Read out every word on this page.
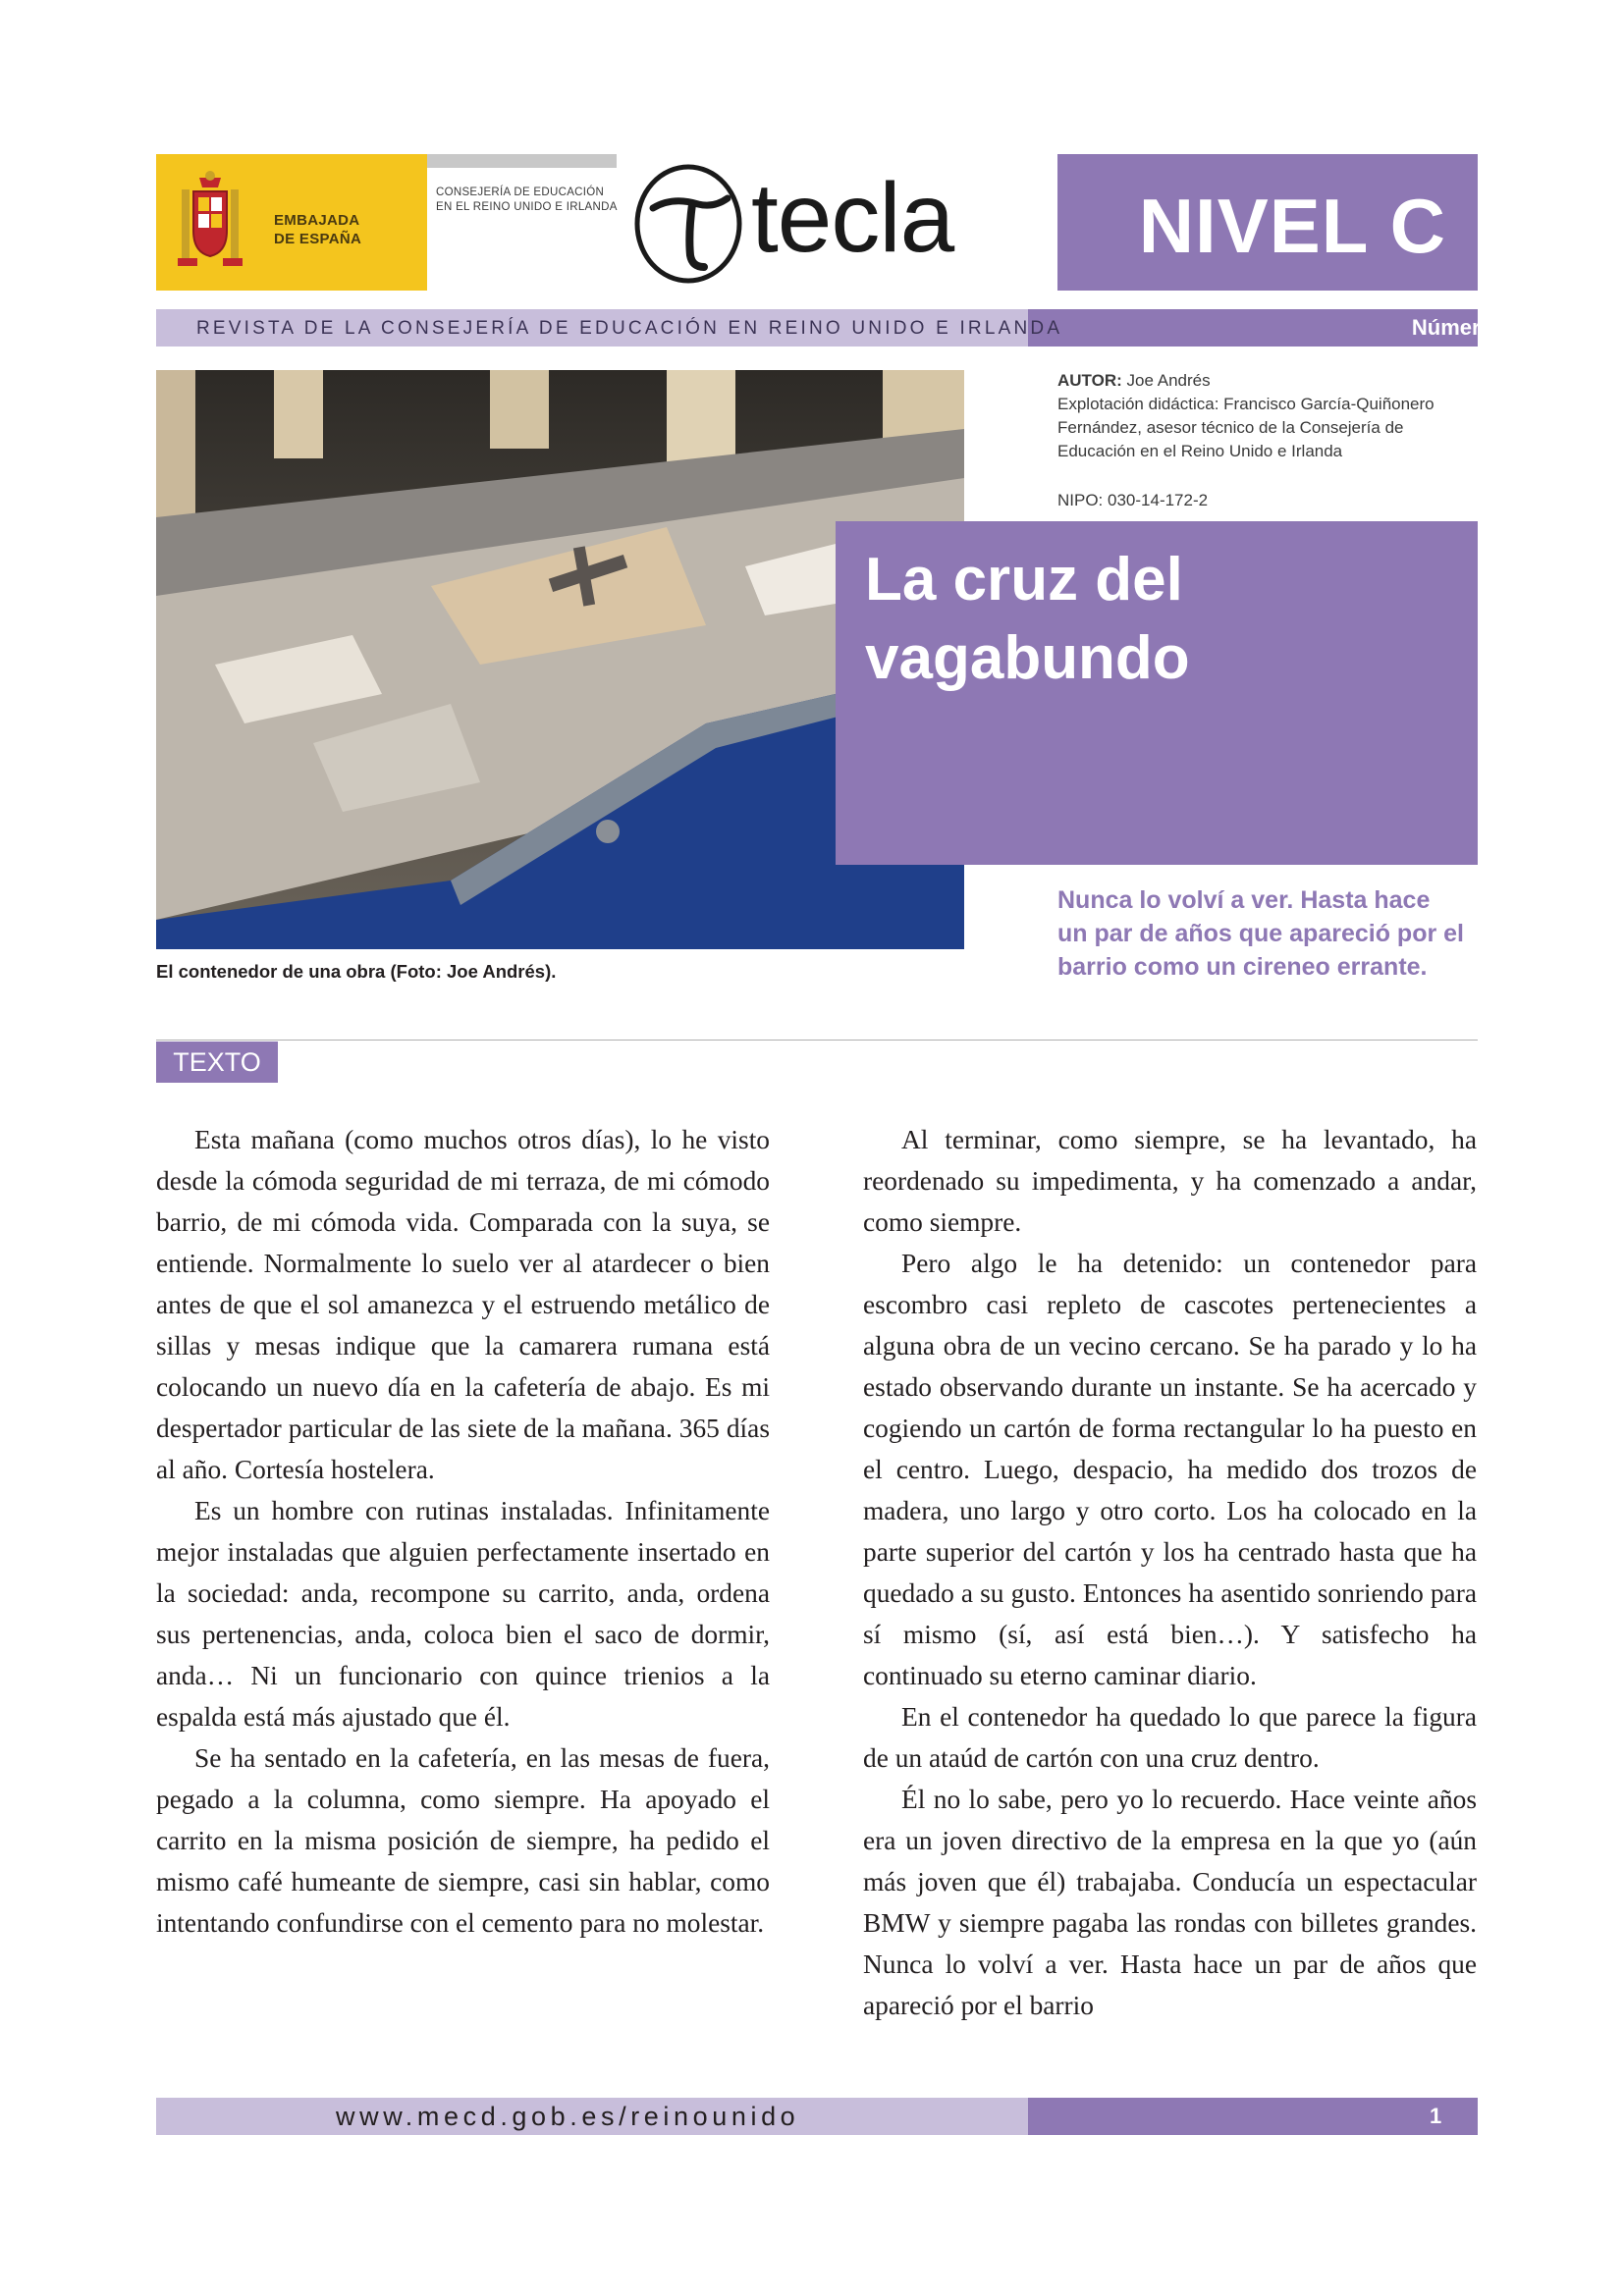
EMBAJADA
DE ESPAÑA
CONSEJERÍA DE EDUCACIÓN
EN EL REINO UNIDO E IRLANDA tecla NIVEL C
REVISTA DE LA CONSEJERÍA DE EDUCACIÓN EN REINO UNIDO E IRLANDA	Número: 3 / 2014
El contenedor de una obra (Foto: Joe Andrés).
AUTOR: Joe Andrés
Explotación didáctica: Francisco García-Quiñonero
Fernández, asesor técnico de la Consejería de
Educación en el Reino Unido e Irlanda
NIPO: 030-14-172-2
La cruz del
vagabundo
Nunca lo volví a ver. Hasta hace
un par de años que apareció por el
barrio como un cireneo errante.
TEXTO

Esta mañana (como muchos otros días), lo he visto desde la cómoda seguridad de mi terraza, de mi cómodo barrio, de mi cómoda vida. Comparada con la suya, se entiende. Normalmente lo suelo ver al atardecer o bien antes de que el sol amanezca y el estruendo metálico de sillas y mesas indique que la camarera rumana está colocando un nuevo día en la cafetería de abajo. Es mi despertador particular de las siete de la mañana. 365 días al año. Cortesía hostelera.

Es un hombre con rutinas instaladas. Infinitamente mejor instaladas que alguien perfectamente insertado en la sociedad: anda, recompone su carrito, anda, ordena sus pertenencias, anda, coloca bien el saco de dormir, anda… Ni un funcionario con quince trienios a la espalda está más ajustado que él.

Se ha sentado en la cafetería, en las mesas de fuera, pegado a la columna, como siempre. Ha apoyado el carrito en la misma posición de siempre, ha pedido el mismo café humeante de siempre, casi sin hablar, como intentando confundirse con el cemento para no molestar.

Al terminar, como siempre, se ha levantado, ha reordenado su impedimenta, y ha comenzado a andar, como siempre.

Pero algo le ha detenido: un contenedor para escombro casi repleto de cascotes pertenecientes a alguna obra de un vecino cercano. Se ha parado y lo ha estado observando durante un instante. Se ha acercado y cogiendo un cartón de forma rectangular lo ha puesto en el centro. Luego, despacio, ha medido dos trozos de madera, uno largo y otro corto. Los ha colocado en la parte superior del cartón y los ha centrado hasta que ha quedado a su gusto. Entonces ha asentido sonriendo para sí mismo (sí, así está bien…). Y satisfecho ha continuado su eterno caminar diario.

En el contenedor ha quedado lo que parece la figura de un ataúd de cartón con una cruz dentro.

Él no lo sabe, pero yo lo recuerdo. Hace veinte años era un joven directivo de la empresa en la que yo (aún más joven que él) trabajaba. Conducía un espectacular BMW y siempre pagaba las rondas con billetes grandes. Nunca lo volví a ver. Hasta hace un par de años que apareció por el barrio

www.mecd.gob.es/reinounido	1
